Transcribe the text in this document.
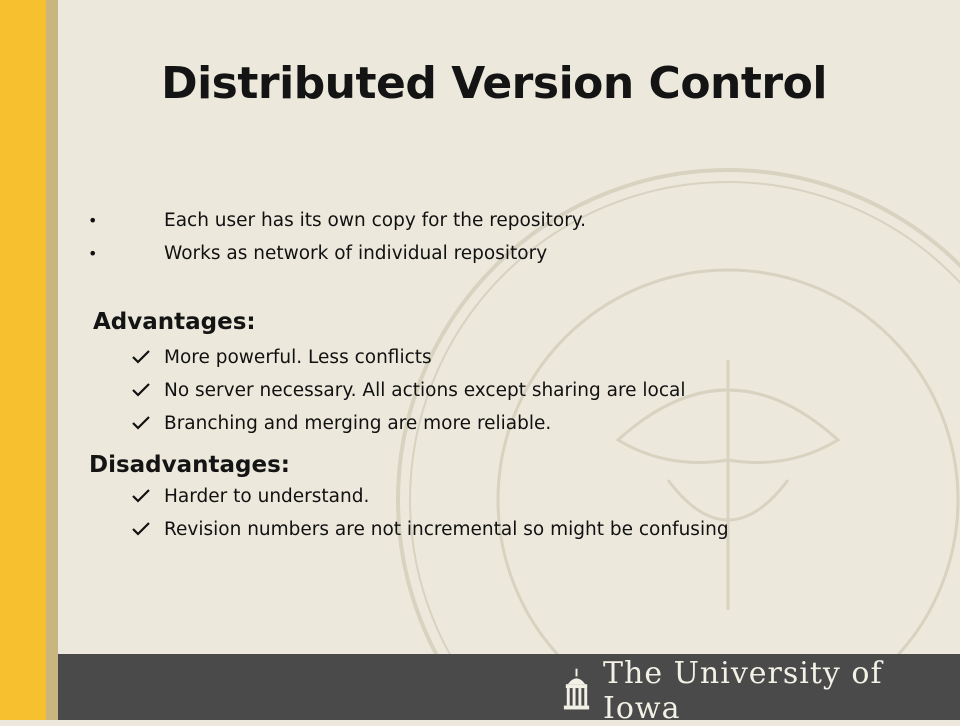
Distributed Version Control
•	Each user has its own copy for the repository.
•	Works as network of individual repository
Advantages:
More powerful. Less conflicts
No server necessary. All actions except sharing are local
Branching and merging are more reliable.
Disadvantages:
Harder to understand.
Revision numbers are not incremental so might be confusing
The University of Iowa
